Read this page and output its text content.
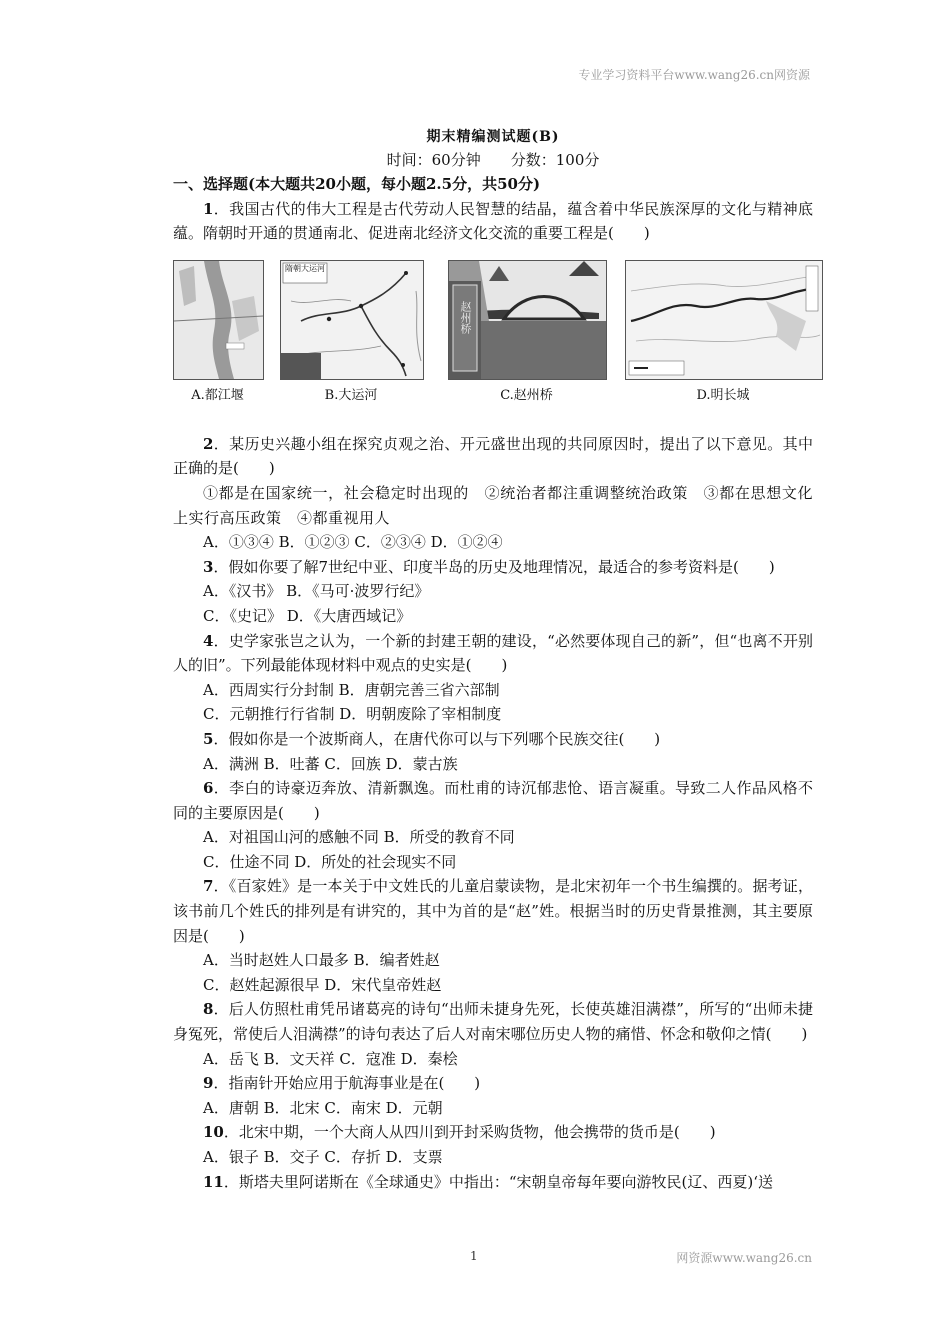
专业学习资料平台www.wang26.cn网资源
期末精编测试题(B)
时间：60分钟　　分数：100分
一、选择题(本大题共20小题，每小题2.5分，共50分)

1．我国古代的伟大工程是古代劳动人民智慧的结晶，蕴含着中华民族深厚的文化与精神底蕴。隋朝时开通的贯通南北、促进南北经济文化交流的重要工程是(　　)

A.都江堰
隋朝大运河
B.大运河
赵州桥
C.赵州桥	D.明长城

2．某历史兴趣小组在探究贞观之治、开元盛世出现的共同原因时，提出了以下意见。其中正确的是(　　)

①都是在国家统一，社会稳定时出现的　②统治者都注重调整统治政策　③都在思想文化上实行高压政策　④都重视用人

A．①③④ B．①②③ C．②③④ D．①②④

3．假如你要了解7世纪中亚、印度半岛的历史及地理情况，最适合的参考资料是(　　)

A．《汉书》 B．《马可·波罗行纪》

C．《史记》 D．《大唐西域记》

4．史学家张岂之认为，一个新的封建王朝的建设，“必然要体现自己的新”，但“也离不开别人的旧”。下列最能体现材料中观点的史实是(　　)

A．西周实行分封制 B．唐朝完善三省六部制

C．元朝推行行省制 D．明朝废除了宰相制度

5．假如你是一个波斯商人，在唐代你可以与下列哪个民族交往(　　)

A．满洲 B．吐蕃 C．回族 D．蒙古族

6．李白的诗豪迈奔放、清新飘逸。而杜甫的诗沉郁悲怆、语言凝重。导致二人作品风格不同的主要原因是(　　)

A．对祖国山河的感触不同 B．所受的教育不同

C．仕途不同 D．所处的社会现实不同

7．《百家姓》是一本关于中文姓氏的儿童启蒙读物，是北宋初年一个书生编撰的。据考证，该书前几个姓氏的排列是有讲究的，其中为首的是“赵”姓。根据当时的历史背景推测，其主要原因是(　　)

A．当时赵姓人口最多 B．编者姓赵

C．赵姓起源很早 D．宋代皇帝姓赵

8．后人仿照杜甫凭吊诸葛亮的诗句“出师未捷身先死，长使英雄泪满襟”，所写的“出师未捷身冤死，常使后人泪满襟”的诗句表达了后人对南宋哪位历史人物的痛惜、怀念和敬仰之情(　　)

A．岳飞 B．文天祥 C．寇准 D．秦桧

9．指南针开始应用于航海事业是在(　　)

A．唐朝 B．北宋 C．南宋 D．元朝

10．北宋中期，一个大商人从四川到开封采购货物，他会携带的货币是(　　)

A．银子 B．交子 C．存折 D．支票

11．斯塔夫里阿诺斯在《全球通史》中指出：“宋朝皇帝每年要向游牧民(辽、西夏)‘送

1	网资源www.wang26.cn
